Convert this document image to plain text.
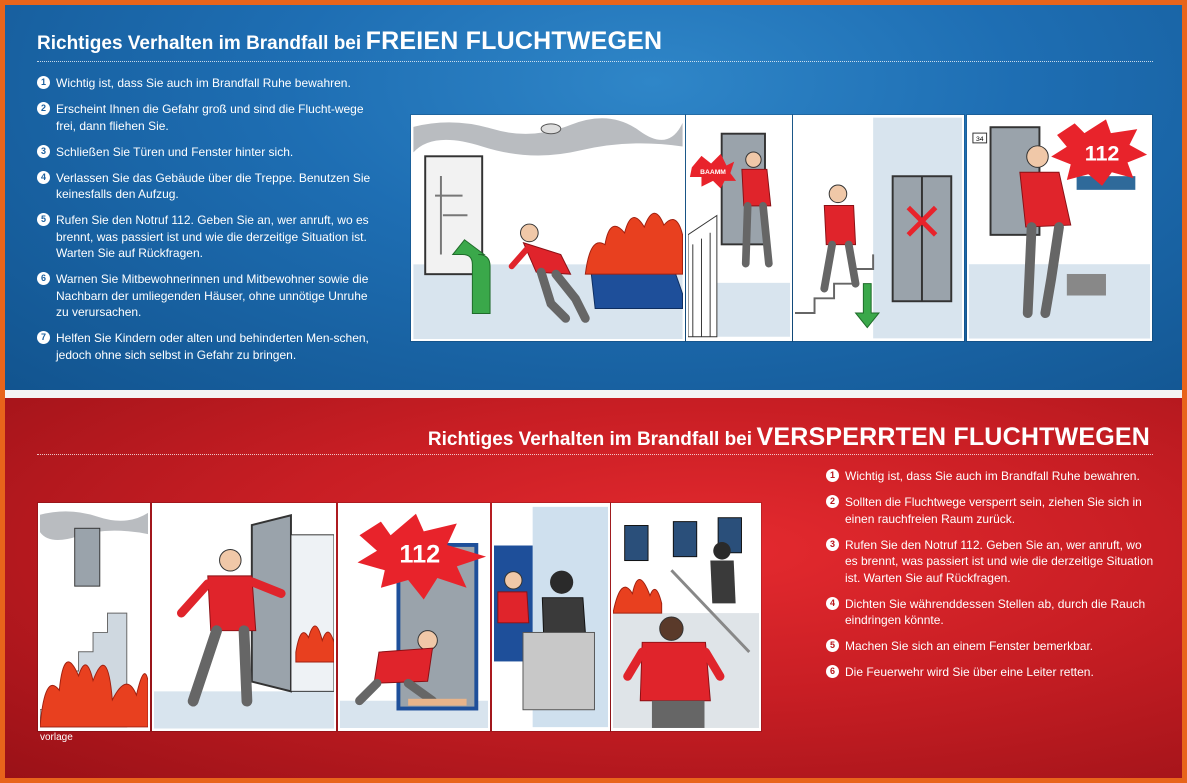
Richtiges Verhalten im Brandfall bei FREIEN FLUCHTWEGEN
1 Wichtig ist, dass Sie auch im Brandfall Ruhe bewahren.
2 Erscheint Ihnen die Gefahr groß und sind die Flucht-wege frei, dann fliehen Sie.
3 Schließen Sie Türen und Fenster hinter sich.
4 Verlassen Sie das Gebäude über die Treppe. Benutzen Sie keinesfalls den Aufzug.
5 Rufen Sie den Notruf 112. Geben Sie an, wer anruft, wo es brennt, was passiert ist und wie die derzeitige Situation ist. Warten Sie auf Rückfragen.
6 Warnen Sie Mitbewohnerinnen und Mitbewohner sowie die Nachbarn der umliegenden Häuser, ohne unnötige Unruhe zu verursachen.
7 Helfen Sie Kindern oder alten und behinderten Men-schen, jedoch ohne sich selbst in Gefahr zu bringen.
BAAMM
34
112
Richtiges Verhalten im Brandfall bei VERSPERRTEN FLUCHTWEGEN
1 Wichtig ist, dass Sie auch im Brandfall Ruhe bewahren.
2 Sollten die Fluchtwege versperrt sein, ziehen Sie sich in einen rauchfreien Raum zurück.
3 Rufen Sie den Notruf 112. Geben Sie an, wer anruft, wo es brennt, was passiert ist und wie die derzeitige Situation ist. Warten Sie auf Rückfragen.
4 Dichten Sie währenddessen Stellen ab, durch die Rauch eindringen könnte.
5 Machen Sie sich an einem Fenster bemerkbar.
6 Die Feuerwehr wird Sie über eine Leiter retten.
112
vorlage
